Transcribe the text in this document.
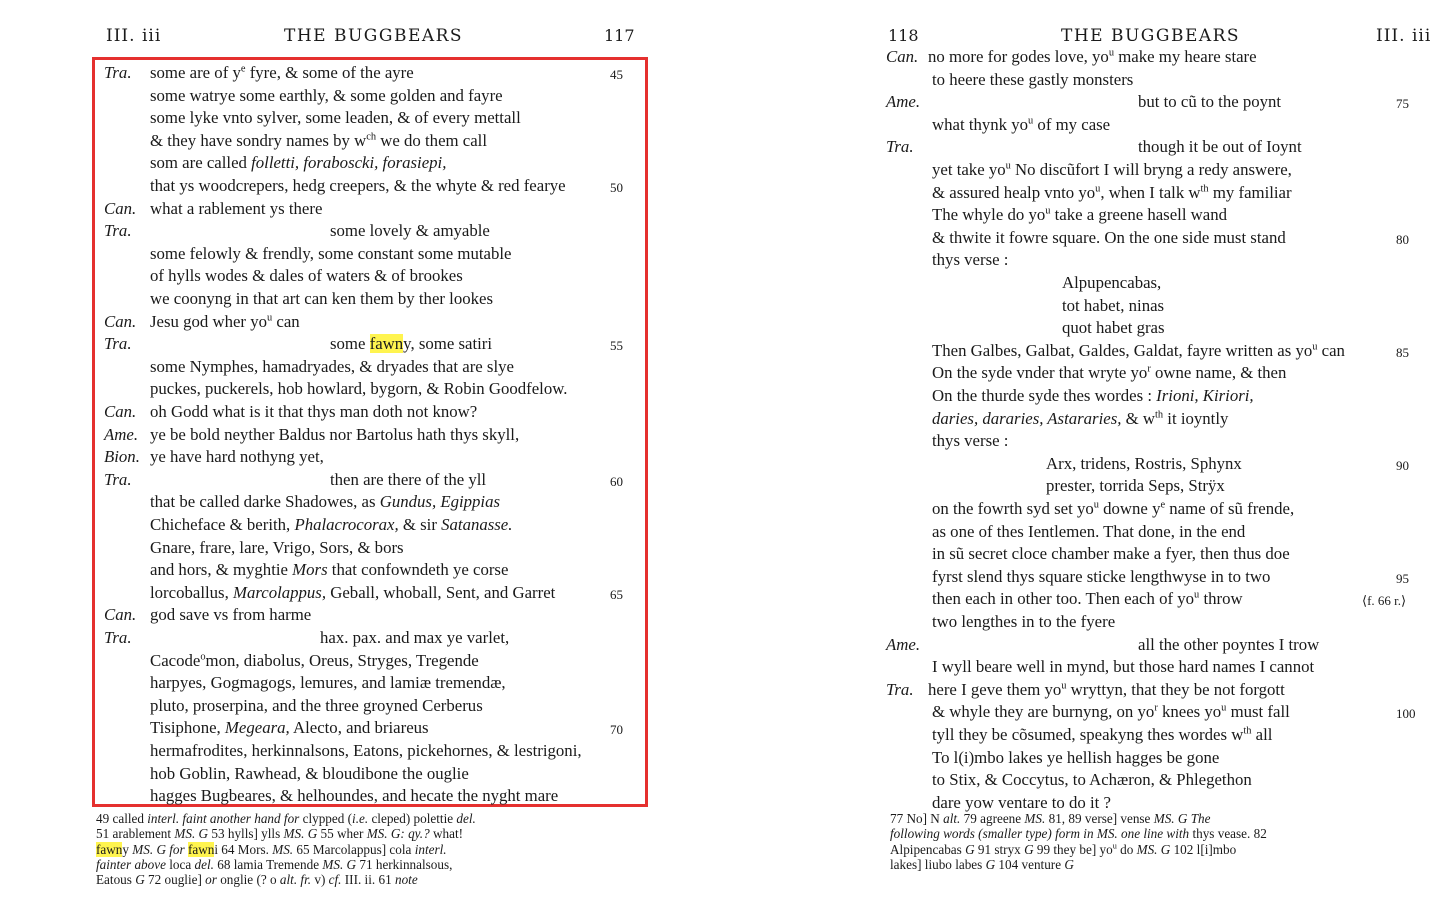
III. iii	THE BUGGBEARS	117
Tra. some are of $y^e$ fyre, & some of the ayre	45
some watrye some earthly, & some golden and fayre
some lyke vnto sylver, some leaden, & of every mettall
& they have sondry names by $w^{ch}$ we do them call
som are called folletti, foraboscki, forasiepi,
that ys woodcrepers, hedg creepers, & the whyte & red fearye	50
Can. what a rablement ys there
Tra.	some lovely & amyable
some felowly & frendly, some constant some mutable
of hylls wodes & dales of waters & of brookes
we coonyng in that art can ken them by ther lookes
Can. Jesu god wher $yo^u$ can
Tra.	some fawny, some satiri	55
some Nymphes, hamadryades, & dryades that are slye
puckes, puckerels, hob howlard, bygorn, & Robin Goodfelow.
Can. oh Godd what is it that thys man doth not know?
Ame. ye be bold neyther Baldus nor Bartolus hath thys skyll,
Bion. ye have hard nothyng yet,
Tra.	then are there of the yll	60
that be called darke Shadowes, as Gundus, Egippias
Chicheface & berith, Phalacrocorax, & sir Satanasse.
Gnare, frare, lare, Vrigo, Sors, & bors
and hors, & myghtie Mors that confowndeth ye corse
lorcoballus, Marcolappus, Geball, whoball, Sent, and Garret	65
Can. god save vs from harme
Tra.	hax. pax. and max ye varlet,
Cacode$^o$mon, diabolus, Oreus, Stryges, Tregende
harpyes, Gogmagogs, lemures, and lamiæ tremendæ,
pluto, proserpina, and the three groyned Cerberus
Tisiphone, Megeara, Alecto, and briareus	70
hermafrodites, herkinnalsons, Eatons, pickehornes, & lestrigoni,
hob Goblin, Rawhead, & bloudibone the ouglie
hagges Bugbeares, & helhoundes, and hecate the nyght mare
49 called interl. faint another hand for clypped (i.e. cleped) polettie del.
51 arablement MS. G 53 hylls] ylls MS. G 55 wher MS. G: qy.? what!
fawny MS. G for fawni 64 Mors. MS. 65 Marcolappus] cola interl.
fainter above loca del. 68 lamia Tremende MS. G 71 herkinnalsous,
Eatous G 72 ouglie] or onglie (? o alt. fr. v) cf. III. ii. 61 note
118	THE BUGGBEARS	III. iii
Can. no more for godes love, $yo^u$ make my heare stare
to heere these gastly monsters
Ame.	but to cũ to the poynt	75
what thynk $yo^u$ of my case
Tra.	though it be out of Ioynt
yet take $yo^u$ No discũfort I will bryng a redy answere,
& assured healp vnto $yo^u$, when I talk $w^{th}$ my familiar
The whyle do $yo^u$ take a greene hasell wand
& thwite it fowre square. On the one side must stand	80
thys verse :
Alpupencabas,
tot habet, ninas
quot habet gras
Then Galbes, Galbat, Galdes, Galdat, fayre written as $yo^u$ can	85
On the syde vnder that wryte $yo^r$ owne name, & then
On the thurde syde thes wordes : Irioni, Kiriori,
daries, dararies, Astararies, & $w^{th}$ it ioyntly
thys verse :
Arx, tridens, Rostris, Sphynx	90
prester, torrida Seps, Strÿx
on the fowrth syd set $yo^u$ downe $y^e$ name of sũ frende,
as one of thes Ientlemen. That done, in the end
in sũ secret cloce chamber make a fyer, then thus doe
fyrst slend thys square sticke lengthwyse in to two	95
then each in other too. Then each of $yo^u$ throw	⟨f. 66 r.⟩
two lengthes in to the fyere
Ame.	all the other poyntes I trow
I wyll beare well in mynd, but those hard names I cannot
Tra. here I geve them $yo^u$ wryttyn, that they be not forgott
& whyle they are burnyng, on $yo^r$ knees $yo^u$ must fall	100
tyll they be cõsumed, speakyng thes wordes $w^{th}$ all
To l(i)mbo lakes ye hellish hagges be gone
to Stix, & Coccytus, to Achæron, & Phlegethon
dare yow ventare to do it ?
77 No] N alt. 79 agreene MS. 81, 89 verse] vense MS. G The
following words (smaller type) form in MS. one line with thys vease. 82
Alpipencabas G 91 stryx G 99 they be] $yo^u$ do MS. G 102 l[i]mbo
lakes] liubo labes G 104 venture G
